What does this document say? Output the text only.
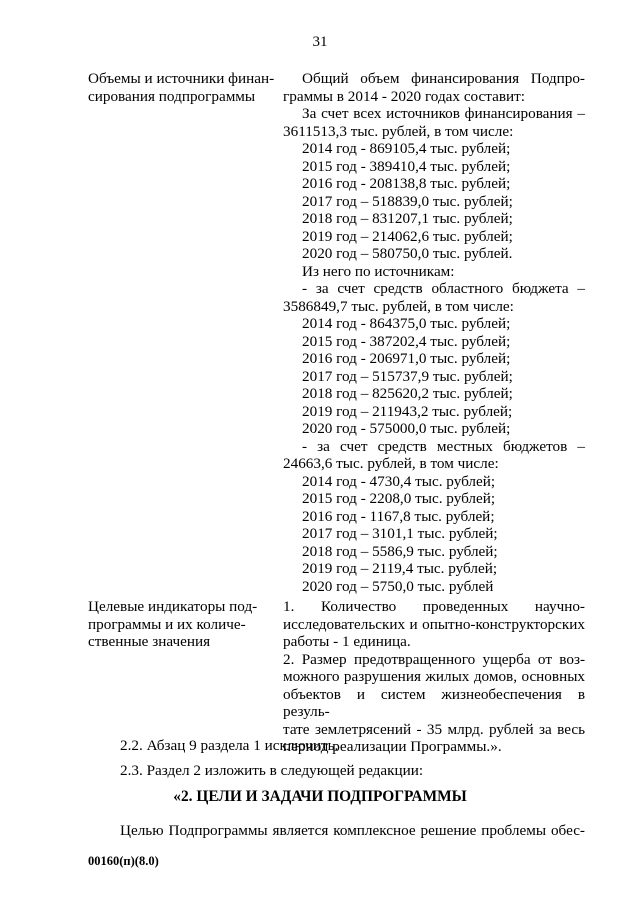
31
Объемы и источники финан-
сирования подпрограммы
Общий объем финансирования Подпро-
граммы в 2014 - 2020 годах составит:
За счет всех источников финансирования –
3611513,3 тыс. рублей, в том числе:
2014 год - 869105,4 тыс. рублей;
2015 год - 389410,4 тыс. рублей;
2016 год - 208138,8 тыс. рублей;
2017 год – 518839,0 тыс. рублей;
2018 год – 831207,1 тыс. рублей;
2019 год – 214062,6 тыс. рублей;
2020 год – 580750,0 тыс. рублей.
Из него по источникам:
- за счет средств областного бюджета –
3586849,7 тыс. рублей, в том числе:
2014 год - 864375,0 тыс. рублей;
2015 год - 387202,4 тыс. рублей;
2016 год - 206971,0 тыс. рублей;
2017 год – 515737,9 тыс. рублей;
2018 год – 825620,2 тыс. рублей;
2019 год – 211943,2 тыс. рублей;
2020 год - 575000,0 тыс. рублей;
- за счет средств местных бюджетов –
24663,6 тыс. рублей, в том числе:
2014 год - 4730,4 тыс. рублей;
2015 год - 2208,0 тыс. рублей;
2016 год - 1167,8 тыс. рублей;
2017 год – 3101,1 тыс. рублей;
2018 год – 5586,9 тыс. рублей;
2019 год – 2119,4 тыс. рублей;
2020 год – 5750,0 тыс. рублей
Целевые индикаторы под-
программы и их количе-
ственные значения
1. Количество проведенных научно-
исследовательских и опытно-конструкторских
работы - 1 единица.
2. Размер предотвращенного ущерба от воз-
можного разрушения жилых домов, основных
объектов и систем жизнеобеспечения в резуль-
тате землетрясений - 35 млрд. рублей за весь
период реализации Программы.».
2.2. Абзац 9 раздела 1 исключить.
2.3. Раздел 2 изложить в следующей редакции:
«2. ЦЕЛИ И ЗАДАЧИ ПОДПРОГРАММЫ
Целью Подпрограммы является комплексное решение проблемы обес-
00160(п)(8.0)
